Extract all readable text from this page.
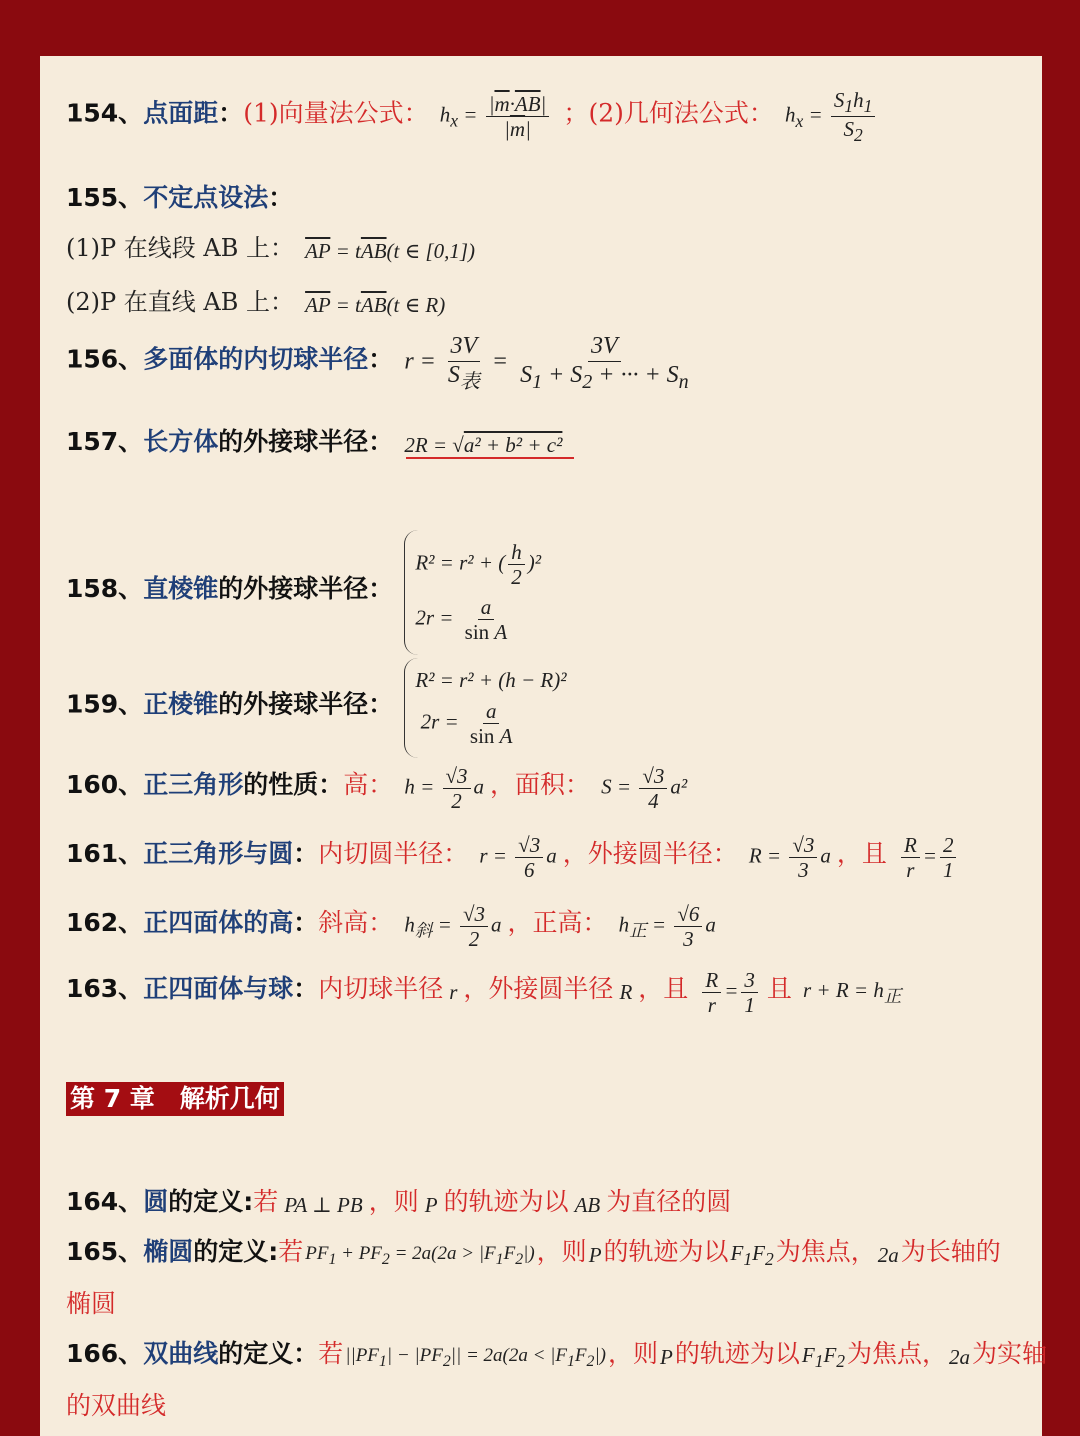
154、点面距：(1)向量法公式： $h_x = \frac{|\overline{m}\cdot\overline{AB}|}{|\overline{m}|}$ ；(2)几何法公式： $h_x = \frac{S_1h_1}{S_2}$
155、不定点设法：
(1)P 在线段 AB 上： $\overline{AP} = t\overline{AB}(t$ ∈ [0,1])
(2)P 在直线 AB 上： $\overline{AP} = t\overline{AB}(t$ ∈ R)
156、多面体的内切球半径： $r = \frac{3V}{S_表} = \frac{3V}{S_1 + S_2 + \cdot\cdot\cdot + S_n}$
157、长方体的外接球半径： 2R = √a² + b² + c²
158、直棱锥的外接球半径：
R² = r² + ( $\frac{h}{2} )^2$
$2r = \frac{a}{\text{sin A}}$
159、正棱锥的外接球半径：
R² = r² + (h − R)²
$2r = \frac{a}{\text{sin A}}$
160、正三角形的性质：高： $h = \frac{√3}{2}$ a ，面积： $S = \frac{√3}{4} a^2$
161、正三角形与圆：内切圆半径： $r = \frac{√3}{6}$ a ，外接圆半径： $R = \frac{√3}{3}$ a ，且 $\frac{R}{r} = \frac{2}{1}$
162、正四面体的高：斜高： $h_斜 = \frac{√3}{2}$ a ，正高： $h_正 = \frac{√6}{3}$ a
163、正四面体与球：内切球半径 r ，外接圆半径 R ，且 $\frac{R}{r} = \frac{3}{1}$ 且 $r + R = h_正$
第 7 章　解析几何
164、圆的定义:若 PA ⊥ PB ，则 P 的轨迹为以 AB 为直径的圆
165、椭圆的定义:若 $PF_1 + PF_2 = 2a(2a > |F_1F_2|)$，则P的轨迹为以$F_1F_2$为焦点，2a为长轴的
椭圆
166、双曲线的定义：若 $||PF_1| - |PF_2|| = 2a(2a < |F_1F_2|)$，则P的轨迹为以$F_1F_2$为焦点，2a为实轴
的双曲线
